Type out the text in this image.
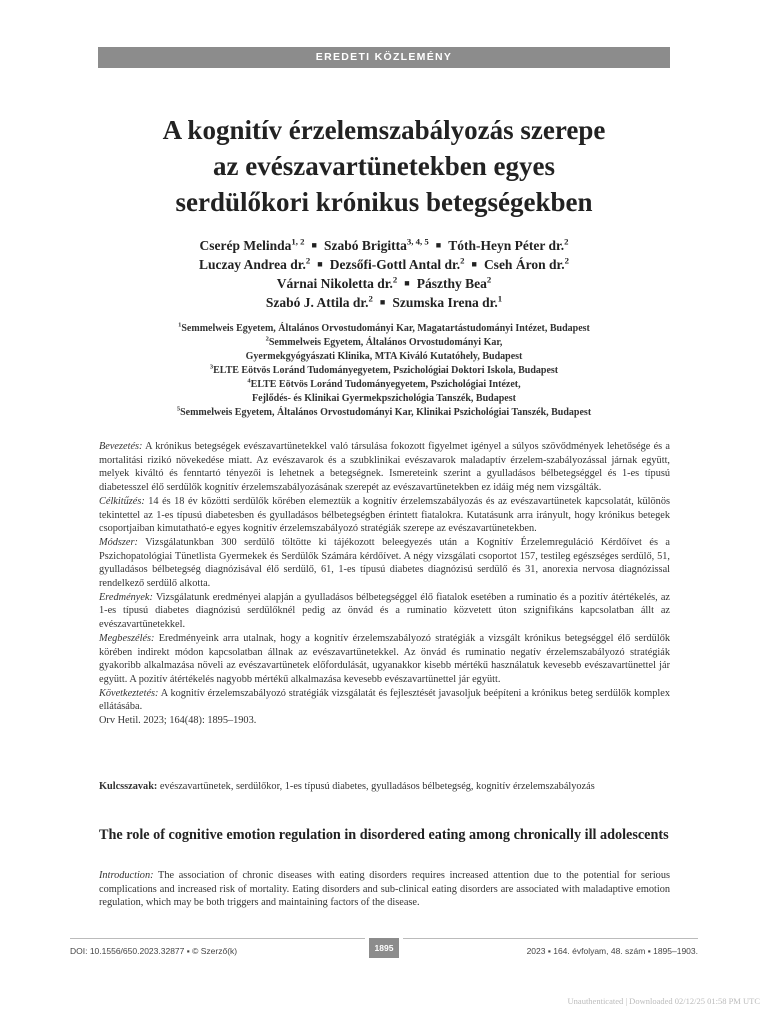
EREDETI KÖZLEMÉNY
A kognitív érzelemszabályozás szerepe
az evészavartünetekben egyes
serdülőkori krónikus betegségekben
Cserép Melinda$^{1, 2}$ ■ Szabó Brigitta$^{3, 4, 5}$ ■ Tóth-Heyn Péter dr.$^2$
Luczay Andrea dr.$^2$ ■ Dezsőfi-Gottl Antal dr.$^2$ ■ Cseh Áron dr.$^2$
Várnai Nikoletta dr.$^2$ ■ Pászthy Bea$^2$
Szabó J. Attila dr.$^2$ ■ Szumska Irena dr.$^1$
$^1$Semmelweis Egyetem, Általános Orvostudományi Kar, Magatartástudományi Intézet, Budapest
$^2$Semmelweis Egyetem, Általános Orvostudományi Kar,
Gyermekgyógyászati Klinika, MTA Kiváló Kutatóhely, Budapest
$^3$ELTE Eötvös Loránd Tudományegyetem, Pszichológiai Doktori Iskola, Budapest
$^4$ELTE Eötvös Loránd Tudományegyetem, Pszichológiai Intézet,
Fejlődés- és Klinikai Gyermekpszichológia Tanszék, Budapest
$^5$Semmelweis Egyetem, Általános Orvostudományi Kar, Klinikai Pszichológiai Tanszék, Budapest

Bevezetés: A krónikus betegségek evészavartünetekkel való társulása fokozott figyelmet igényel a súlyos szövődmények lehetősége és a mortalitási rizikó növekedése miatt. Az evészavarok és a szubklinikai evészavarok maladaptív érzelem-szabályozással járnak együtt, melyek kiváltó és fenntartó tényezői is lehetnek a betegségnek. Ismereteink szerint a gyulladásos bélbetegséggel és 1-es típusú diabetesszel élő serdülők kognitív érzelemszabályozásának szerepét az evészavartünetekben ez idáig még nem vizsgálták.

Célkitűzés: 14 és 18 év közötti serdülők körében elemeztük a kognitív érzelemszabályozás és az evészavartünetek kapcsolatát, különös tekintettel az 1-es típusú diabetesben és gyulladásos bélbetegségben érintett fiatalokra. Kutatásunk arra irányult, hogy krónikus betegek csoportjaiban kimutatható-e egyes kognitív érzelemszabályozó stratégiák szerepe az evészavartünetekben.

Módszer: Vizsgálatunkban 300 serdülő töltötte ki tájékozott beleegyezés után a Kognitív Érzelemreguláció Kérdőívet és a Pszichopatológiai Tünetlista Gyermekek és Serdülők Számára kérdőívet. A négy vizsgálati csoportot 157, testileg egészséges serdülő, 51, gyulladásos bélbetegség diagnózisával élő serdülő, 61, 1-es típusú diabetes diagnózisú serdülő és 31, anorexia nervosa diagnózissal rendelkező serdülő alkotta.

Eredmények: Vizsgálatunk eredményei alapján a gyulladásos bélbetegséggel élő fiatalok esetében a ruminatio és a pozitív átértékelés, az 1-es típusú diabetes diagnózisú serdülőknél pedig az önvád és a ruminatio közvetett úton szignifikáns kapcsolatban állt az evészavartünetekkel.

Megbeszélés: Eredményeink arra utalnak, hogy a kognitív érzelemszabályozó stratégiák a vizsgált krónikus betegséggel élő serdülők körében indirekt módon kapcsolatban állnak az evészavartünetekkel. Az önvád és ruminatio negatív érzelemszabályozó stratégiák gyakoribb alkalmazása növeli az evészavartünetek előfordulását, ugyanakkor kisebb mértékű használatuk kevesebb evészavartünettel jár együtt. A pozitív átértékelés nagyobb mértékű alkalmazása kevesebb evészavartünettel jár együtt.

Következtetés: A kognitív érzelemszabályozó stratégiák vizsgálatát és fejlesztését javasoljuk beépíteni a krónikus beteg serdülők komplex ellátásába.

Orv Hetil. 2023; 164(48): 1895–1903.

Kulcsszavak: evészavartünetek, serdülőkor, 1-es típusú diabetes, gyulladásos bélbetegség, kognitív érzelemszabályozás
The role of cognitive emotion regulation in disordered eating among chronically ill adolescents
Introduction: The association of chronic diseases with eating disorders requires increased attention due to the potential for serious complications and increased risk of mortality. Eating disorders and sub-clinical eating disorders are associated with maladaptive emotion regulation, which may be both triggers and maintaining factors of the disease.
DOI: 10.1556/650.2023.32877 ▪ © Szerző(k)	1895	2023 ▪ 164. évfolyam, 48. szám ▪ 1895–1903.
Unauthenticated | Downloaded 02/12/25 01:58 PM UTC
